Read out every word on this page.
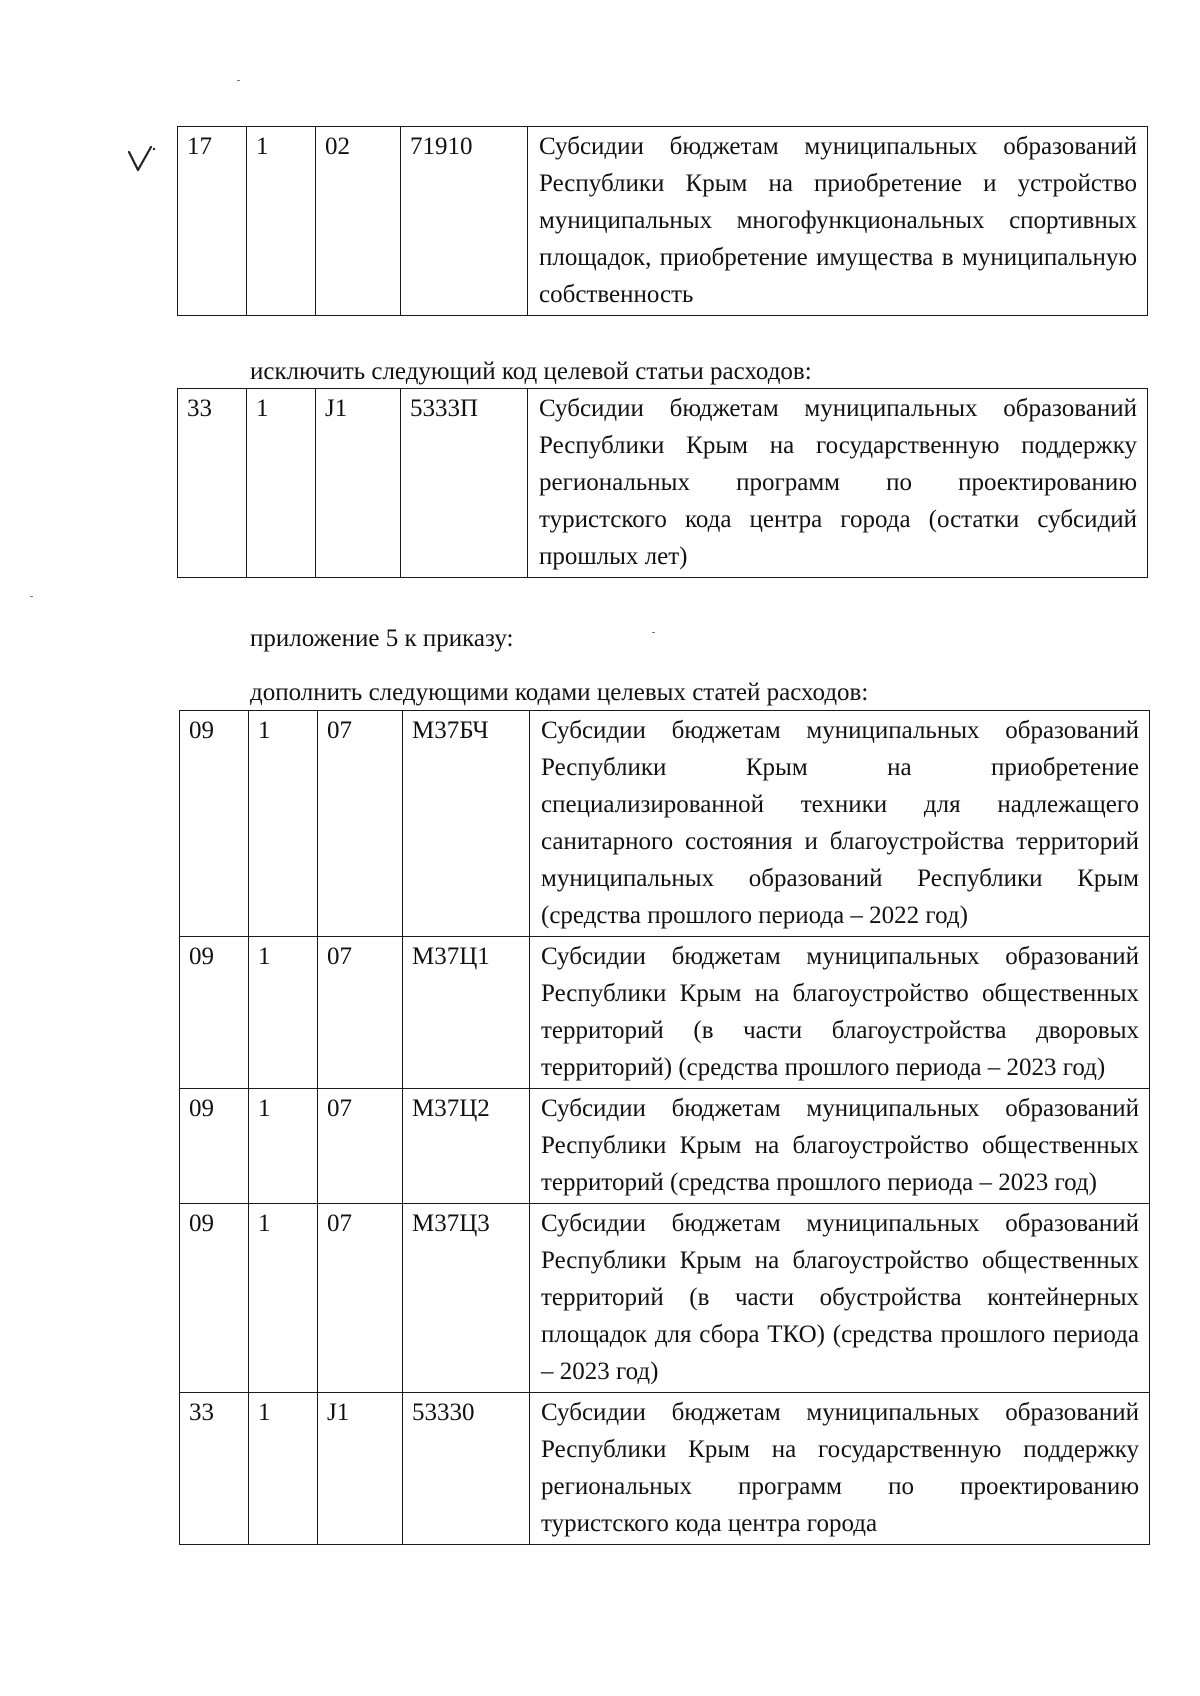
17	1	02	71910	Субсидии бюджетам муниципальных образований Республики Крым на приобретение и устройство муниципальных многофункциональных спортивных площадок, приобретение имущества в муниципальную собственность
исключить следующий код целевой статьи расходов:
33	1	J1	5333П	Субсидии бюджетам муниципальных образований Республики Крым на государственную поддержку региональных программ по проектированию туристского кода центра города (остатки субсидий прошлых лет)
приложение 5 к приказу:
дополнить следующими кодами целевых статей расходов:
09	1	07	М37БЧ	Субсидии бюджетам муниципальных образований Республики Крым на приобретение специализированной техники для надлежащего санитарного состояния и благоустройства территорий муниципальных образований Республики Крым (средства прошлого периода – 2022 год)
09	1	07	М37Ц1	Субсидии бюджетам муниципальных образований Республики Крым на благоустройство общественных территорий (в части благоустройства дворовых территорий) (средства прошлого периода – 2023 год)
09	1	07	М37Ц2	Субсидии бюджетам муниципальных образований Республики Крым на благоустройство общественных территорий (средства прошлого периода – 2023 год)
09	1	07	М37Ц3	Субсидии бюджетам муниципальных образований Республики Крым на благоустройство общественных территорий (в части обустройства контейнерных площадок для сбора ТКО) (средства прошлого периода – 2023 год)
33	1	J1	53330	Субсидии бюджетам муниципальных образований Республики Крым на государственную поддержку региональных программ по проектированию туристского кода центра города
